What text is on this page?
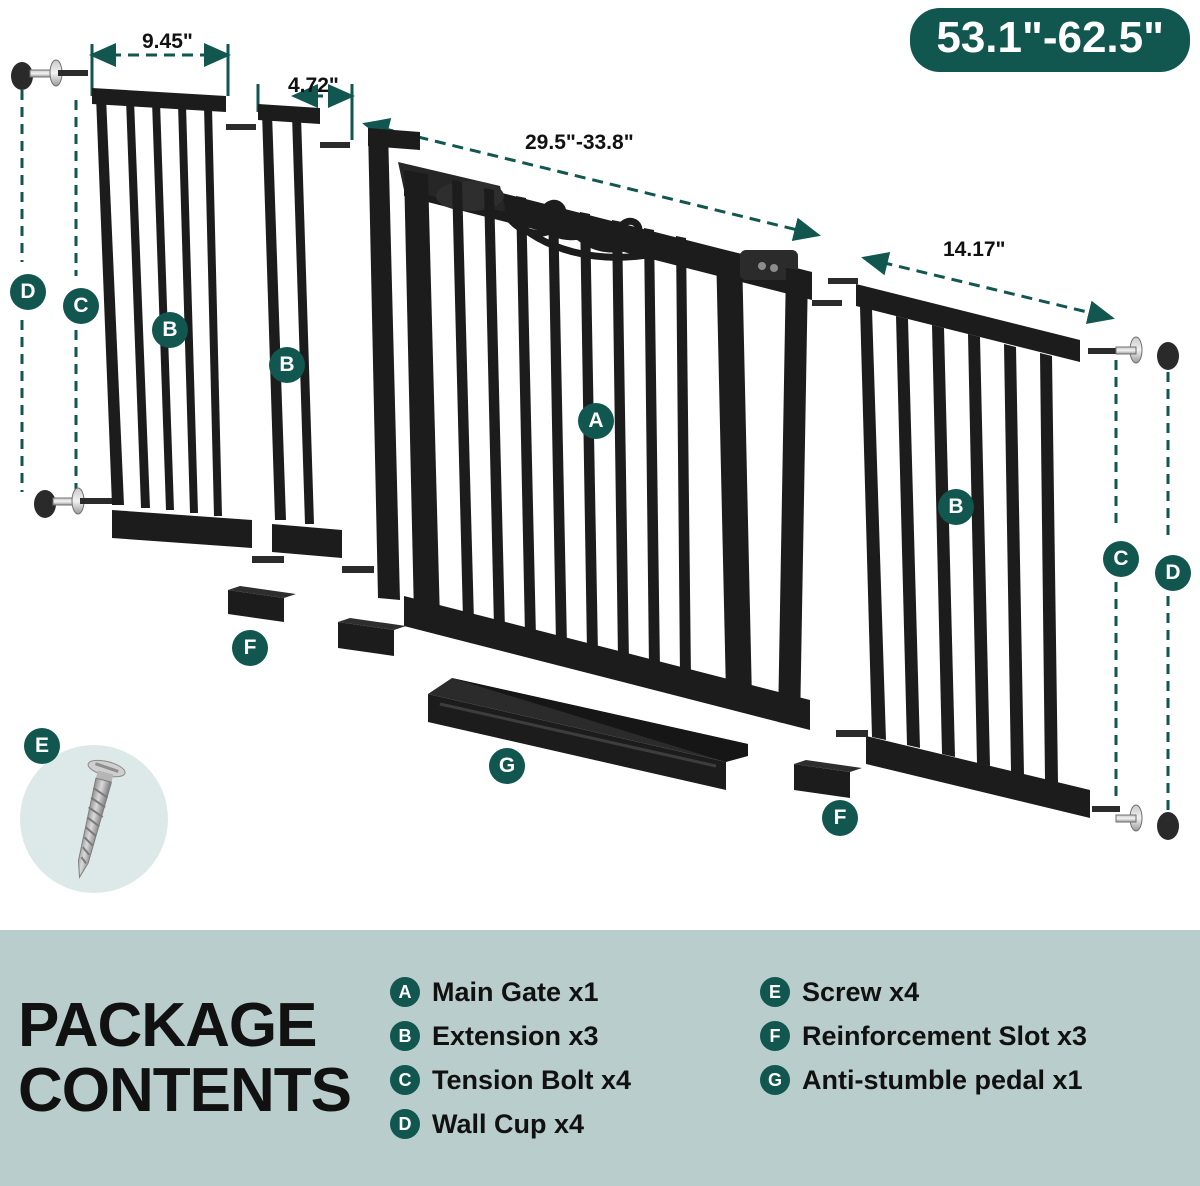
53.1"-62.5"
9.45"
4.72"
29.5"-33.8"
14.17"
D
C
B
B
A
B
C
D
F
G
F
E
PACKAGE
CONTENTS
A Main Gate x1
B Extension x3
C Tension Bolt x4
D Wall Cup x4
E Screw x4
F Reinforcement Slot x3
G Anti-stumble pedal x1
